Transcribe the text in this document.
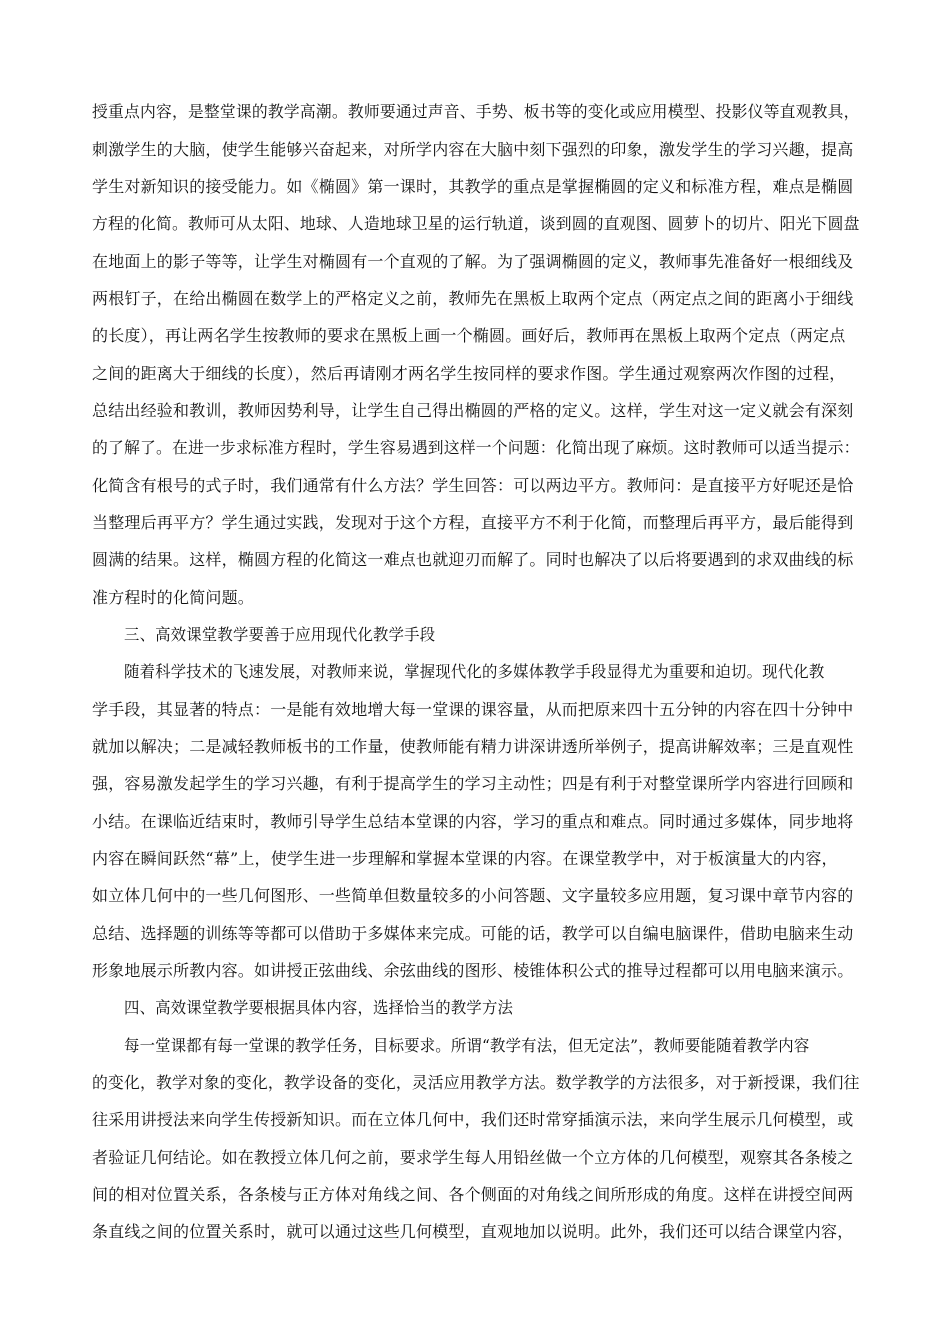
授重点内容，是整堂课的教学高潮。教师要通过声音、手势、板书等的变化或应用模型、投影仪等直观教具，
刺激学生的大脑，使学生能够兴奋起来，对所学内容在大脑中刻下强烈的印象，激发学生的学习兴趣，提高
学生对新知识的接受能力。如《椭圆》第一课时，其教学的重点是掌握椭圆的定义和标准方程，难点是椭圆
方程的化简。教师可从太阳、地球、人造地球卫星的运行轨道，谈到圆的直观图、圆萝卜的切片、阳光下圆盘
在地面上的影子等等，让学生对椭圆有一个直观的了解。为了强调椭圆的定义，教师事先准备好一根细线及
两根钉子，在给出椭圆在数学上的严格定义之前，教师先在黑板上取两个定点（两定点之间的距离小于细线
的长度），再让两名学生按教师的要求在黑板上画一个椭圆。画好后，教师再在黑板上取两个定点（两定点
之间的距离大于细线的长度），然后再请刚才两名学生按同样的要求作图。学生通过观察两次作图的过程，
总结出经验和教训，教师因势利导，让学生自己得出椭圆的严格的定义。这样，学生对这一定义就会有深刻
的了解了。在进一步求标准方程时，学生容易遇到这样一个问题：化简出现了麻烦。这时教师可以适当提示：
化简含有根号的式子时，我们通常有什么方法？学生回答：可以两边平方。教师问：是直接平方好呢还是恰
当整理后再平方？学生通过实践，发现对于这个方程，直接平方不利于化简，而整理后再平方，最后能得到
圆满的结果。这样，椭圆方程的化简这一难点也就迎刃而解了。同时也解决了以后将要遇到的求双曲线的标
准方程时的化简问题。
三、高效课堂教学要善于应用现代化教学手段
随着科学技术的飞速发展，对教师来说，掌握现代化的多媒体教学手段显得尤为重要和迫切。现代化教
学手段，其显著的特点：一是能有效地增大每一堂课的课容量，从而把原来四十五分钟的内容在四十分钟中
就加以解决；二是减轻教师板书的工作量，使教师能有精力讲深讲透所举例子，提高讲解效率；三是直观性
强，容易激发起学生的学习兴趣，有利于提高学生的学习主动性；四是有利于对整堂课所学内容进行回顾和
小结。在课临近结束时，教师引导学生总结本堂课的内容，学习的重点和难点。同时通过多媒体，同步地将
内容在瞬间跃然“幕”上，使学生进一步理解和掌握本堂课的内容。在课堂教学中，对于板演量大的内容，
如立体几何中的一些几何图形、一些简单但数量较多的小问答题、文字量较多应用题，复习课中章节内容的
总结、选择题的训练等等都可以借助于多媒体来完成。可能的话，教学可以自编电脑课件，借助电脑来生动
形象地展示所教内容。如讲授正弦曲线、余弦曲线的图形、棱锥体积公式的推导过程都可以用电脑来演示。
四、高效课堂教学要根据具体内容，选择恰当的教学方法
每一堂课都有每一堂课的教学任务，目标要求。所谓“教学有法，但无定法”，教师要能随着教学内容
的变化，教学对象的变化，教学设备的变化，灵活应用教学方法。数学教学的方法很多，对于新授课，我们往
往采用讲授法来向学生传授新知识。而在立体几何中，我们还时常穿插演示法，来向学生展示几何模型，或
者验证几何结论。如在教授立体几何之前，要求学生每人用铅丝做一个立方体的几何模型，观察其各条棱之
间的相对位置关系，各条棱与正方体对角线之间、各个侧面的对角线之间所形成的角度。这样在讲授空间两
条直线之间的位置关系时，就可以通过这些几何模型，直观地加以说明。此外，我们还可以结合课堂内容，
